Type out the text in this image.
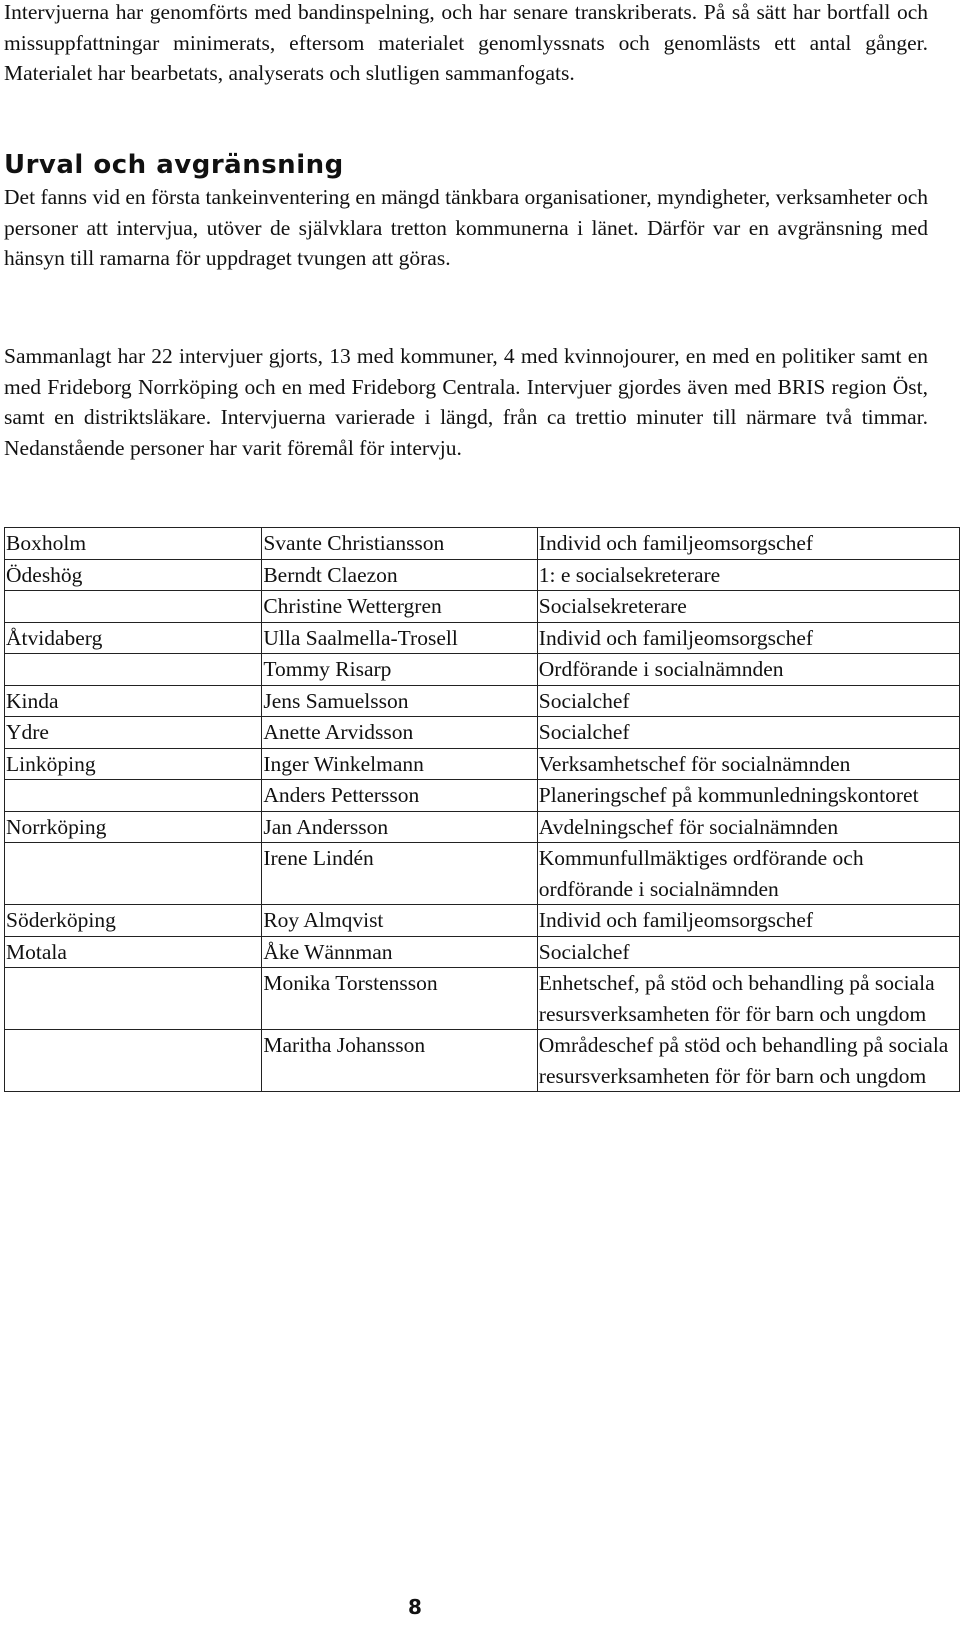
Intervjuerna har genomförts med bandinspelning, och har senare transkriberats. På så sätt har bortfall och missuppfattningar minimerats, eftersom materialet genomlyssnats och genomlästs ett antal gånger. Materialet har bearbetats, analyserats och slutligen sammanfogats.

Urval och avgränsning

Det fanns vid en första tankeinventering en mängd tänkbara organisationer, myndigheter, verksamheter och personer att intervjua, utöver de självklara tretton kommunerna i länet. Därför var en avgränsning med hänsyn till ramarna för uppdraget tvungen att göras.

Sammanlagt har 22 intervjuer gjorts, 13 med kommuner, 4 med kvinnojourer, en med en politiker samt en med Frideborg Norrköping och en med Frideborg Centrala. Intervjuer gjordes även med BRIS region Öst, samt en distriktsläkare. Intervjuerna varierade i längd, från ca trettio minuter till närmare två timmar. Nedanstående personer har varit föremål för intervju.

Boxholm	Svante Christiansson	Individ och familjeomsorgschef
Ödeshög	Berndt Claezon	1: e socialsekreterare
	Christine Wettergren	Socialsekreterare
Åtvidaberg	Ulla Saalmella-Trosell	Individ och familjeomsorgschef
	Tommy Risarp	Ordförande i socialnämnden
Kinda	Jens Samuelsson	Socialchef
Ydre	Anette Arvidsson	Socialchef
Linköping	Inger Winkelmann	Verksamhetschef för socialnämnden
	Anders Pettersson	Planeringschef på kommunledningskontoret
Norrköping	Jan Andersson	Avdelningschef för socialnämnden
	Irene Lindén	Kommunfullmäktiges ordförande och ordförande i socialnämnden
Söderköping	Roy Almqvist	Individ och familjeomsorgschef
Motala	Åke Wännman	Socialchef
	Monika Torstensson	Enhetschef, på stöd och behandling på sociala resursverksamheten för för barn och ungdom
	Maritha Johansson	Områdeschef på stöd och behandling på sociala resursverksamheten för för barn och ungdom

8
